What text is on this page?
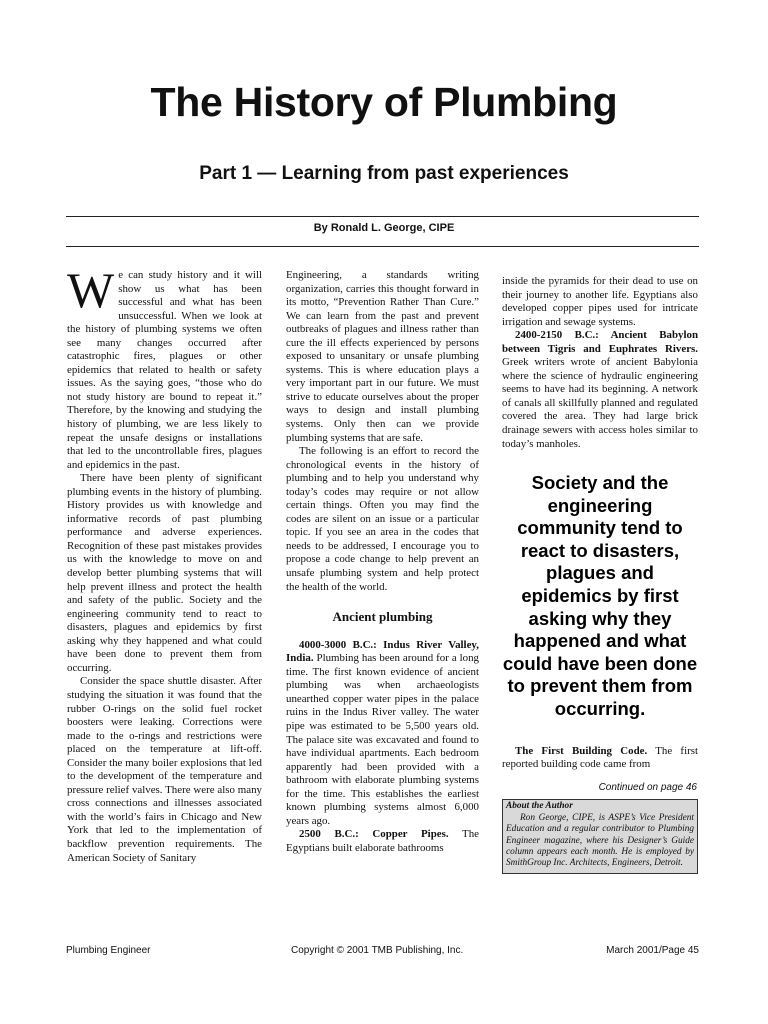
The History of Plumbing
Part 1 — Learning from past experiences
By Ronald L. George, CIPE

We can study history and it will show us what has been successful and what has been unsuccessful. When we look at the history of plumbing systems we often see many changes occurred after catastrophic fires, plagues or other epidemics that related to health or safety issues. As the saying goes, “those who do not study history are bound to repeat it.” Therefore, by the knowing and studying the history of plumbing, we are less likely to repeat the unsafe designs or installations that led to the uncontrollable fires, plagues and epidemics in the past.

There have been plenty of significant plumbing events in the history of plumbing. History provides us with knowledge and informative records of past plumbing performance and adverse experiences. Recognition of these past mistakes provides us with the knowledge to move on and develop better plumbing systems that will help prevent illness and protect the health and safety of the public. Society and the engineering community tend to react to disasters, plagues and epidemics by first asking why they happened and what could have been done to prevent them from occurring.

Consider the space shuttle disaster. After studying the situation it was found that the rubber O-rings on the solid fuel rocket boosters were leaking. Corrections were made to the o-rings and restrictions were placed on the temperature at lift-off. Consider the many boiler explosions that led to the development of the temperature and pressure relief valves. There were also many cross connections and illnesses associated with the world’s fairs in Chicago and New York that led to the implementation of backflow prevention requirements. The American Society of Sanitary

Engineering, a standards writing organization, carries this thought forward in its motto, “Prevention Rather Than Cure.” We can learn from the past and prevent outbreaks of plagues and illness rather than cure the ill effects experienced by persons exposed to unsanitary or unsafe plumbing systems. This is where education plays a very important part in our future. We must strive to educate ourselves about the proper ways to design and install plumbing systems. Only then can we provide plumbing systems that are safe.

The following is an effort to record the chronological events in the history of plumbing and to help you understand why today’s codes may require or not allow certain things. Often you may find the codes are silent on an issue or a particular topic. If you see an area in the codes that needs to be addressed, I encourage you to propose a code change to help prevent an unsafe plumbing system and help protect the health of the world.

Ancient plumbing

4000-3000 B.C.: Indus River Valley, India. Plumbing has been around for a long time. The first known evidence of ancient plumbing was when archaeologists unearthed copper water pipes in the palace ruins in the Indus River valley. The water pipe was estimated to be 5,500 years old. The palace site was excavated and found to have individual apartments. Each bedroom apparently had been provided with a bathroom with elaborate plumbing systems for the time. This establishes the earliest known plumbing systems almost 6,000 years ago.

2500 B.C.: Copper Pipes. The Egyptians built elaborate bathrooms

inside the pyramids for their dead to use on their journey to another life. Egyptians also developed copper pipes used for intricate irrigation and sewage systems.

2400-2150 B.C.: Ancient Babylon between Tigris and Euphrates Rivers. Greek writers wrote of ancient Babylonia where the science of hydraulic engineering seems to have had its beginning. A network of canals all skillfully planned and regulated covered the area. They had large brick drainage sewers with access holes similar to today’s manholes.

Society and the engineering community tend to react to disasters, plagues and epidemics by first asking why they happened and what could have been done to prevent them from occurring.

The First Building Code. The first reported building code came from

Continued on page 46
About the Author

Ron George, CIPE, is ASPE’s Vice President Education and a regular contributor to Plumbing Engineer magazine, where his Designer’s Guide column appears each month. He is employed by SmithGroup Inc. Architects, Engineers, Detroit.

Plumbing Engineer	Copyright © 2001 TMB Publishing, Inc.	March 2001/Page 45
